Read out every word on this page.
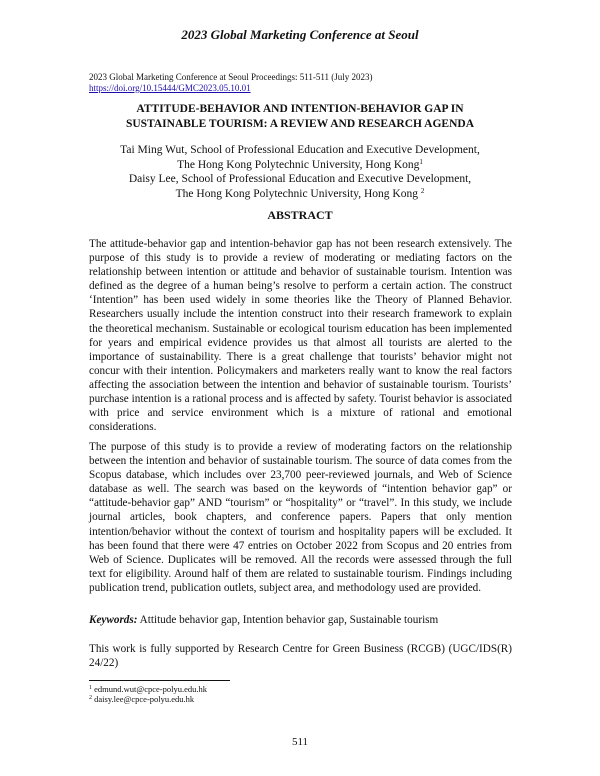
2023 Global Marketing Conference at Seoul
2023 Global Marketing Conference at Seoul Proceedings: 511-511 (July 2023)
https://doi.org/10.15444/GMC2023.05.10.01
ATTITUDE-BEHAVIOR AND INTENTION-BEHAVIOR GAP IN
SUSTAINABLE TOURISM: A REVIEW AND RESEARCH AGENDA
Tai Ming Wut, School of Professional Education and Executive Development,
The Hong Kong Polytechnic University, Hong Kong$^1$
Daisy Lee, School of Professional Education and Executive Development,
The Hong Kong Polytechnic University, Hong Kong $^2$
ABSTRACT

The attitude-behavior gap and intention-behavior gap has not been research extensively. The purpose of this study is to provide a review of moderating or mediating factors on the relationship between intention or attitude and behavior of sustainable tourism. Intention was defined as the degree of a human being’s resolve to perform a certain action. The construct ‘Intention” has been used widely in some theories like the Theory of Planned Behavior. Researchers usually include the intention construct into their research framework to explain the theoretical mechanism. Sustainable or ecological tourism education has been implemented for years and empirical evidence provides us that almost all tourists are alerted to the importance of sustainability. There is a great challenge that tourists’ behavior might not concur with their intention. Policymakers and marketers really want to know the real factors affecting the association between the intention and behavior of sustainable tourism. Tourists’ purchase intention is a rational process and is affected by safety. Tourist behavior is associated with price and service environment which is a mixture of rational and emotional considerations.

The purpose of this study is to provide a review of moderating factors on the relationship between the intention and behavior of sustainable tourism. The source of data comes from the Scopus database, which includes over 23,700 peer-reviewed journals, and Web of Science database as well. The search was based on the keywords of “intention behavior gap” or “attitude-behavior gap” AND “tourism” or “hospitality” or “travel”. In this study, we include journal articles, book chapters, and conference papers. Papers that only mention intention/behavior without the context of tourism and hospitality papers will be excluded. It has been found that there were 47 entries on October 2022 from Scopus and 20 entries from Web of Science. Duplicates will be removed. All the records were assessed through the full text for eligibility. Around half of them are related to sustainable tourism. Findings including publication trend, publication outlets, subject area, and methodology used are provided.

Keywords: Attitude behavior gap, Intention behavior gap, Sustainable tourism
This work is fully supported by Research Centre for Green Business (RCGB) (UGC/IDS(R) 24/22)
$^1$ edmund.wut@cpce-polyu.edu.hk
$^2$ daisy.lee@cpce-polyu.edu.hk
511
